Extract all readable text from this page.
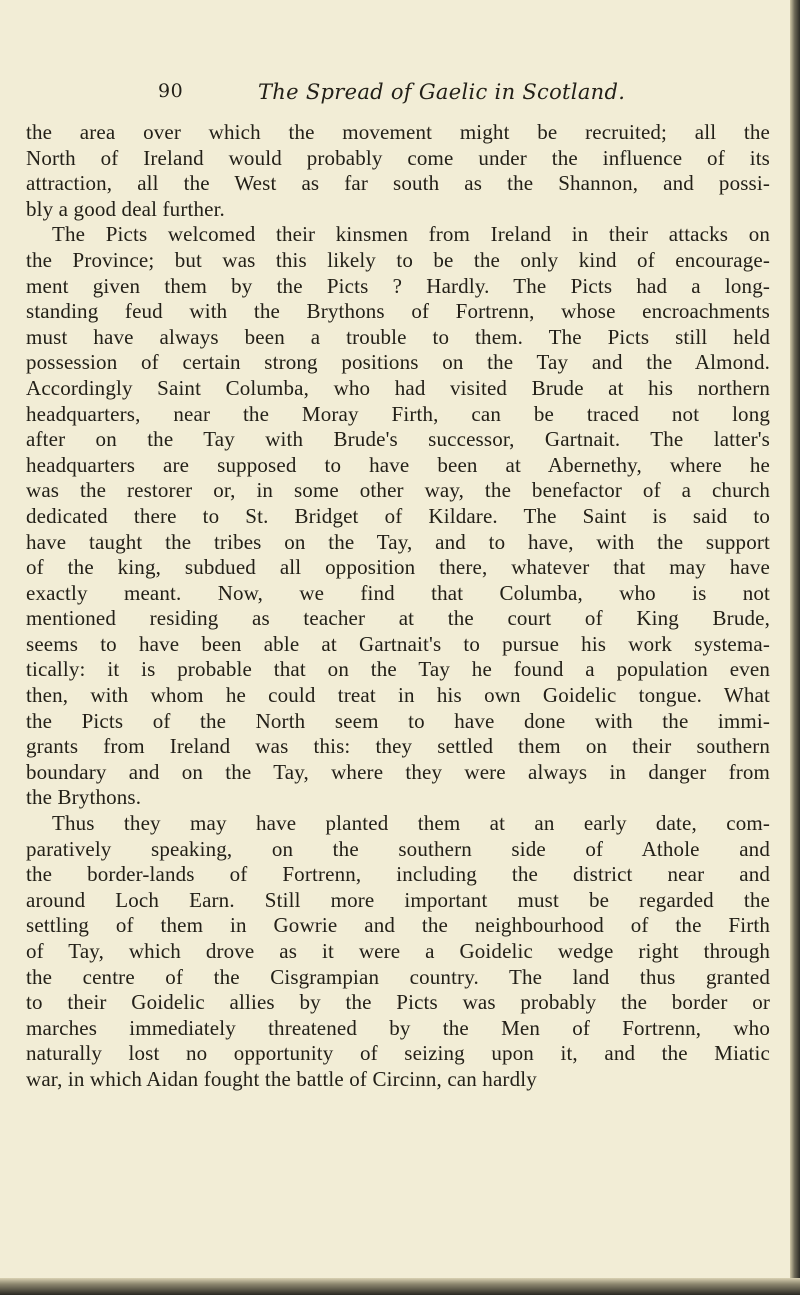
90	The Spread of Gaelic in Scotland.
the area over which the movement might be recruited; all the
North of Ireland would probably come under the influence of its
attraction, all the West as far south as the Shannon, and possi-
bly a good deal further.
The Picts welcomed their kinsmen from Ireland in their attacks on
the Province; but was this likely to be the only kind of encourage-
ment given them by the Picts ? Hardly. The Picts had a long-
standing feud with the Brythons of Fortrenn, whose encroachments
must have always been a trouble to them. The Picts still held
possession of certain strong positions on the Tay and the Almond.
Accordingly Saint Columba, who had visited Brude at his northern
headquarters, near the Moray Firth, can be traced not long
after on the Tay with Brude's successor, Gartnait. The latter's
headquarters are supposed to have been at Abernethy, where he
was the restorer or, in some other way, the benefactor of a church
dedicated there to St. Bridget of Kildare. The Saint is said to
have taught the tribes on the Tay, and to have, with the support
of the king, subdued all opposition there, whatever that may have
exactly meant. Now, we find that Columba, who is not
mentioned residing as teacher at the court of King Brude,
seems to have been able at Gartnait's to pursue his work systema-
tically: it is probable that on the Tay he found a population even
then, with whom he could treat in his own Goidelic tongue. What
the Picts of the North seem to have done with the immi-
grants from Ireland was this: they settled them on their southern
boundary and on the Tay, where they were always in danger from
the Brythons.
Thus they may have planted them at an early date, com-
paratively speaking, on the southern side of Athole and
the border-lands of Fortrenn, including the district near and
around Loch Earn. Still more important must be regarded the
settling of them in Gowrie and the neighbourhood of the Firth
of Tay, which drove as it were a Goidelic wedge right through
the centre of the Cisgrampian country. The land thus granted
to their Goidelic allies by the Picts was probably the border or
marches immediately threatened by the Men of Fortrenn, who
naturally lost no opportunity of seizing upon it, and the Miatic
war, in which Aidan fought the battle of Circinn, can hardly
